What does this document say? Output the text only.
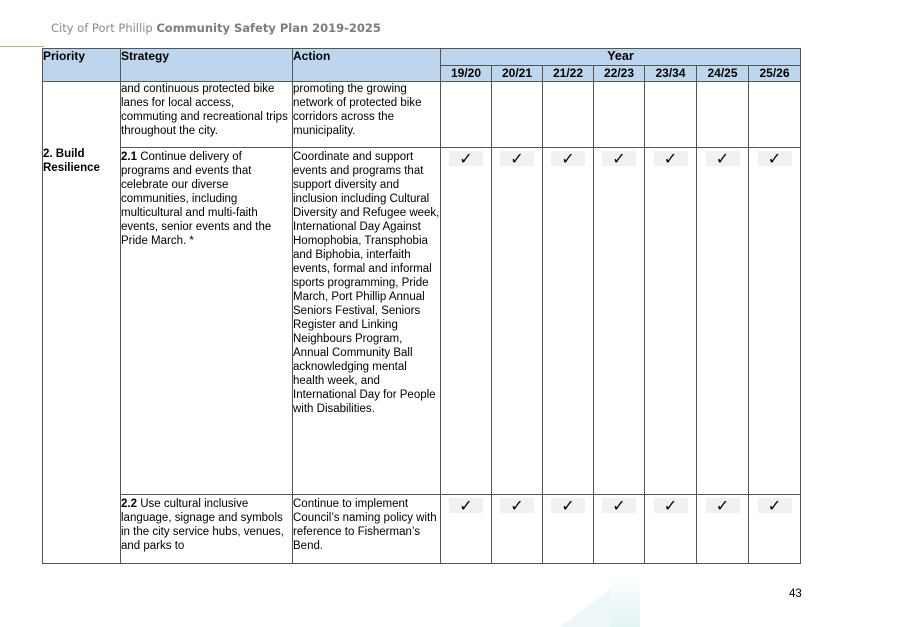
City of Port Phillip Community Safety Plan 2019-2025
Priority	Strategy	Action	Year						
			19/20	20/21	21/22	22/23	23/34	24/25	25/26

2. Build Resilience	and continuous protected bike lanes for local access, commuting and recreational trips throughout the city.	promoting the growing network of protected bike corridors across the municipality.							
	2.1 Continue delivery of programs and events that celebrate our diverse communities, including multicultural and multi-faith events, senior events and the Pride March. *	Coordinate and support events and programs that support diversity and inclusion including Cultural Diversity and Refugee week, International Day Against Homophobia, Transphobia and Biphobia, interfaith events, formal and informal sports programming, Pride March, Port Phillip Annual Seniors Festival, Seniors Register and Linking Neighbours Program, Annual Community Ball acknowledging mental health week, and International Day for People with Disabilities.	✓	✓	✓	✓	✓	✓	✓
	2.2 Use cultural inclusive language, signage and symbols in the city service hubs, venues, and parks to	Continue to implement Council’s naming policy with reference to Fisherman’s Bend.	✓	✓	✓	✓	✓	✓	✓
43
